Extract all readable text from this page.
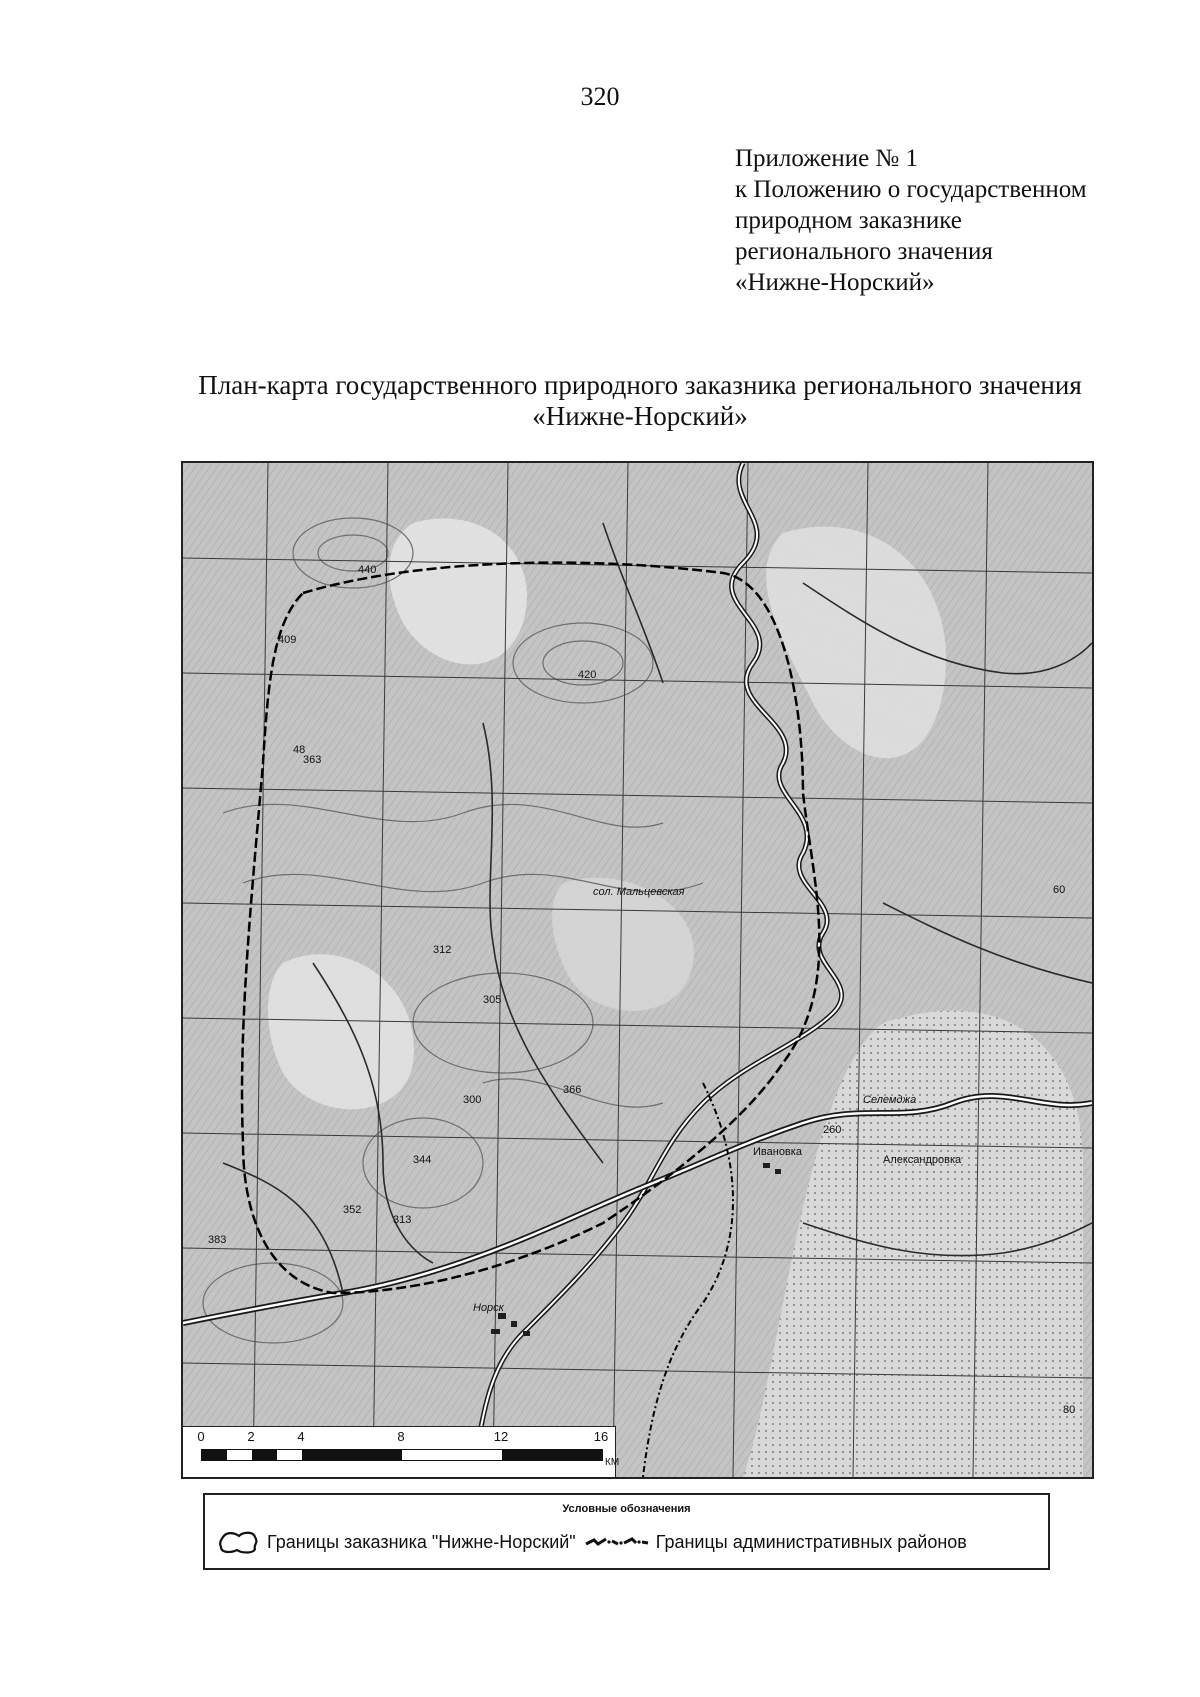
320
Приложение № 1
к Положению о государственном
природном заказнике
регионального значения
«Нижне-Норский»
План-карта государственного природного заказника регионального значения
«Нижне-Норский»
Норск
Селемджа
сол. Мальцевская
Ивановка
Александровка
440
420
363
312
305
366
300
344
313
383
260
409
352
48
60
80
0	2	4	8	12	16
КМ
Условные обозначения
Границы заказника "Нижне-Норский"	Границы административных районов
